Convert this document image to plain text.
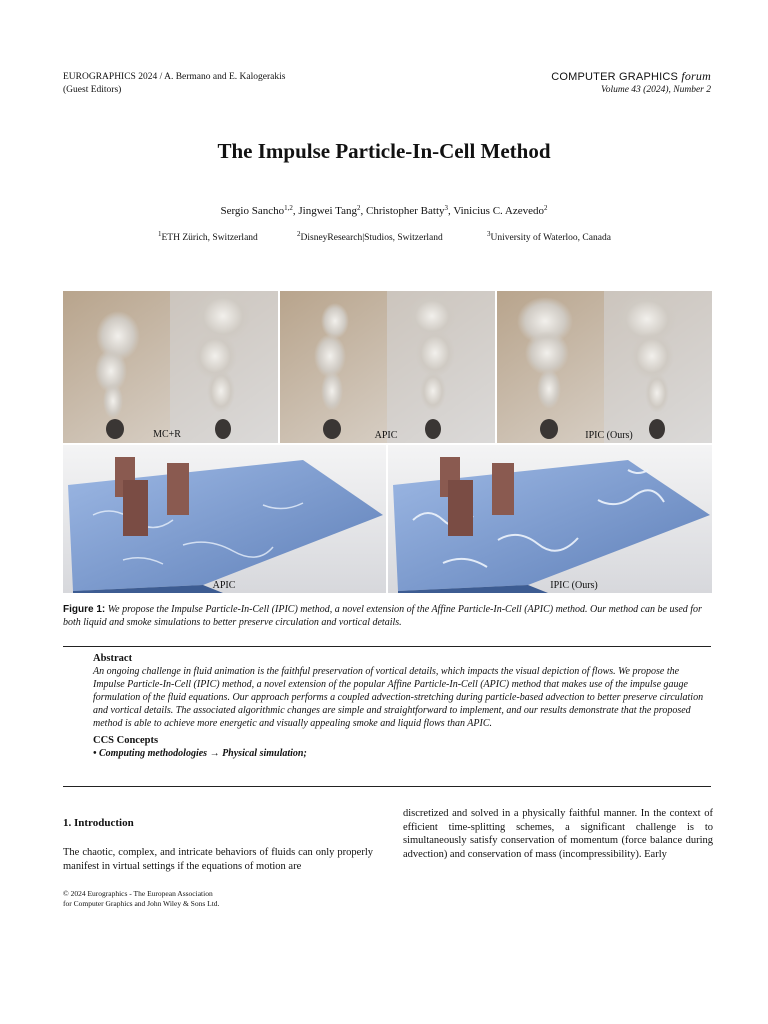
EUROGRAPHICS 2024 / A. Bermano and E. Kalogerakis
(Guest Editors)
COMPUTER GRAPHICS forum
Volume 43 (2024), Number 2
The Impulse Particle-In-Cell Method
Sergio Sancho$^{1,2}$, Jingwei Tang$^2$, Christopher Batty$^3$, Vinicius C. Azevedo$^2$
$^1$ ETH Zürich, Switzerland	$^2$ DisneyResearch|Studios, Switzerland	$^3$ University of Waterloo, Canada
MC+R	APIC	IPIC (Ours)
APIC	IPIC (Ours)
Figure 1: We propose the Impulse Particle-In-Cell (IPIC) method, a novel extension of the Affine Particle-In-Cell (APIC) method. Our method can be used for both liquid and smoke simulations to better preserve circulation and vortical details.
Abstract
An ongoing challenge in fluid animation is the faithful preservation of vortical details, which impacts the visual depiction of flows. We propose the Impulse Particle-In-Cell (IPIC) method, a novel extension of the popular Affine Particle-In-Cell (APIC) method that makes use of the impulse gauge formulation of the fluid equations. Our approach performs a coupled advection-stretching during particle-based advection to better preserve circulation and vortical details. The associated algorithmic changes are simple and straightforward to implement, and our results demonstrate that the proposed method is able to achieve more energetic and visually appealing smoke and liquid flows than APIC.
CCS Concepts
• Computing methodologies → Physical simulation;
1. Introduction
The chaotic, complex, and intricate behaviors of fluids can only properly manifest in virtual settings if the equations of motion are
discretized and solved in a physically faithful manner. In the context of efficient time-splitting schemes, a significant challenge is to simultaneously satisfy conservation of momentum (force balance during advection) and conservation of mass (incompressibility). Early
© 2024 Eurographics - The European Association
for Computer Graphics and John Wiley & Sons Ltd.
